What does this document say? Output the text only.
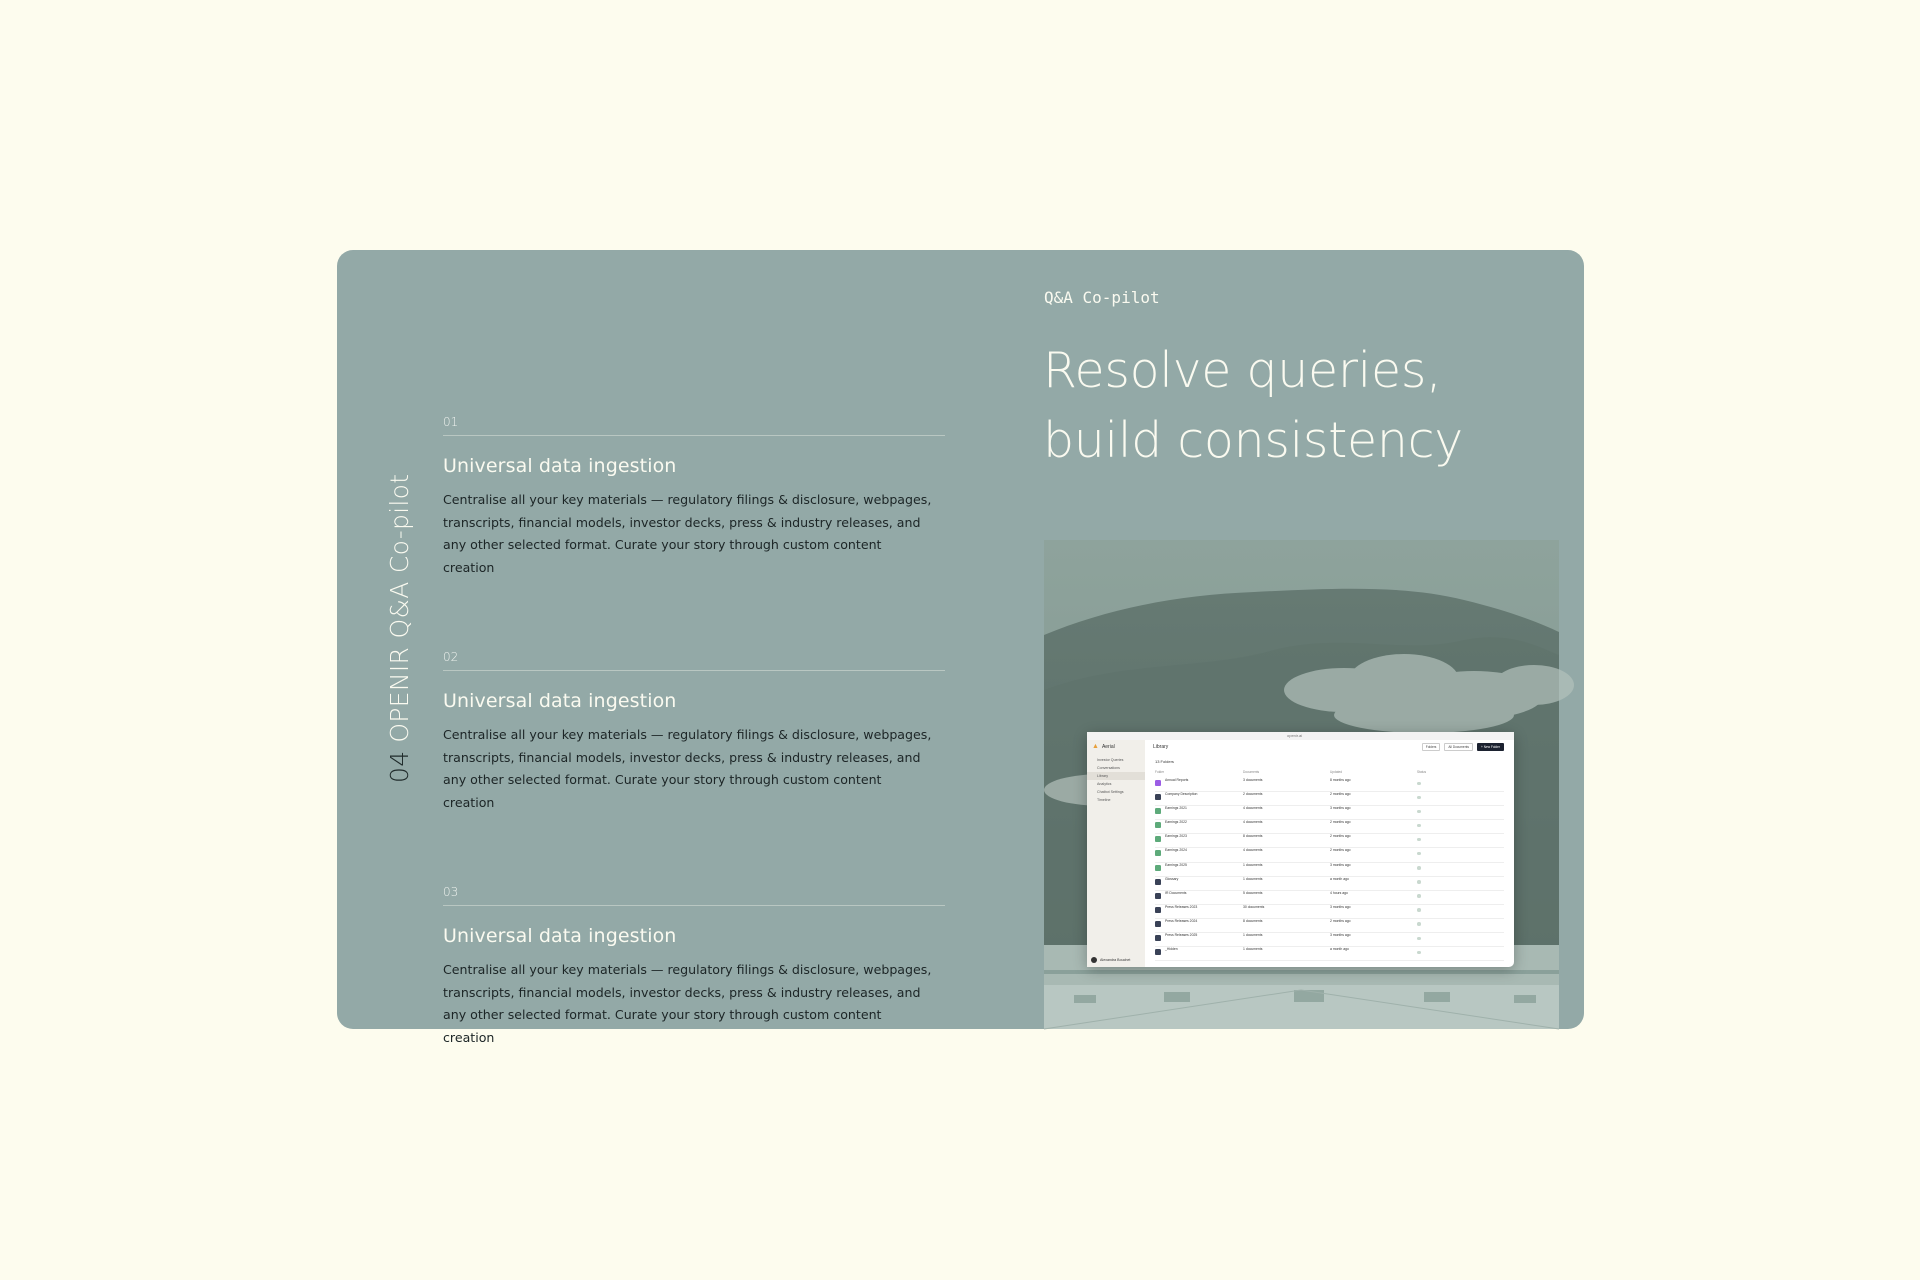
04OPENIR Q&A Co-pilot
01
Universal data ingestion

Centralise all your key materials — regulatory filings & disclosure, webpages, transcripts, financial models, investor decks, press & industry releases, and any other selected format. Curate your story through custom content creation

02
Universal data ingestion

Centralise all your key materials — regulatory filings & disclosure, webpages, transcripts, financial models, investor decks, press & industry releases, and any other selected format. Curate your story through custom content creation

03
Universal data ingestion

Centralise all your key materials — regulatory filings & disclosure, webpages, transcripts, financial models, investor decks, press & industry releases, and any other selected format. Curate your story through custom content creation

Q&A Co-pilot
Resolve queries, build consistency
openir.ai
▲ Aerial
Investor Queries
Conversations
Library
Analytics
Chatbot Settings
Timeline
Alexandra Bouchet
Library	Folders	All Documents	+ New Folder
13 Folders
Folder	Documents	Updated	Status
Annual Reports	3 documents	8 months ago
Company Description	2 documents	2 months ago
Earnings 2021	4 documents	3 months ago
Earnings 2022	4 documents	2 months ago
Earnings 2023	8 documents	2 months ago
Earnings 2024	4 documents	2 months ago
Earnings 2025	1 documents	3 months ago
Glossary	1 documents	a month ago
IR Documents	5 documents	4 hours ago
Press Releases 2023	30 documents	3 months ago
Press Releases 2024	8 documents	2 months ago
Press Releases 2025	1 documents	3 months ago
_Hidden	1 documents	a month ago
